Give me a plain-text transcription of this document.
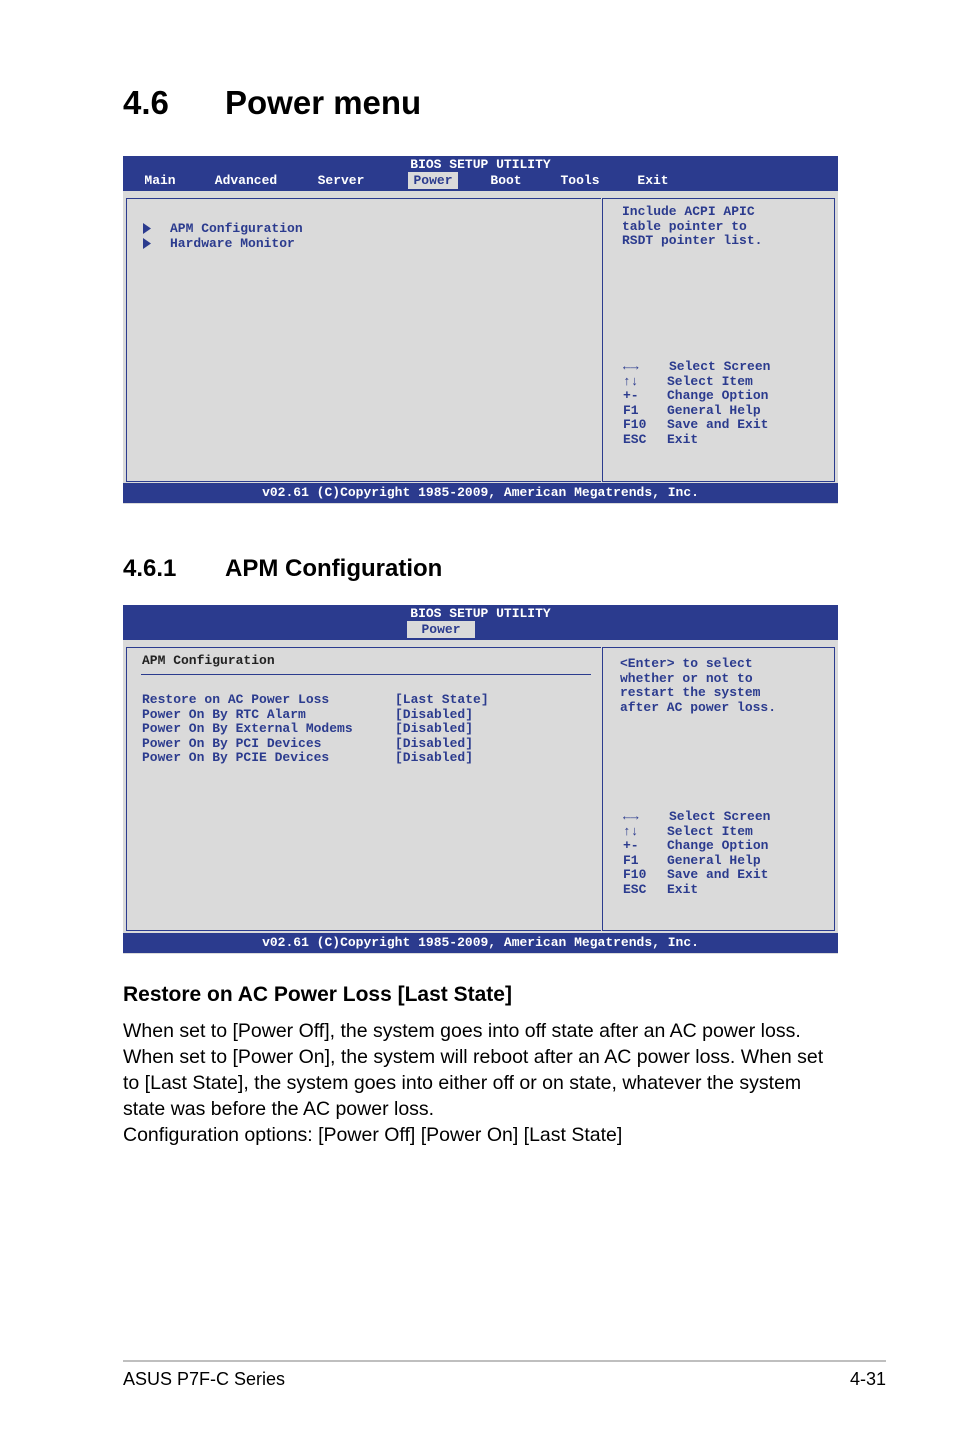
4.6 Power menu
BIOS SETUP UTILITY
Main	Advanced	Server	Power	Boot	Tools	Exit
APM Configuration
Hardware Monitor
Include ACPI APIC
table pointer to
RSDT pointer list.
←→ Select Screen
↑↓ Select Item
+- Change Option
F1 General Help
F10 Save and Exit
ESC Exit
v02.61 (C)Copyright 1985-2009, American Megatrends, Inc.
4.6.1 APM Configuration
BIOS SETUP UTILITY
Power
APM Configuration
Restore on AC Power Loss	[Last State]
Power On By RTC Alarm	[Disabled]
Power On By External Modems	[Disabled]
Power On By PCI Devices	[Disabled]
Power On By PCIE Devices	[Disabled]
<Enter> to select
whether or not to
restart the system
after AC power loss.
←→ Select Screen
↑↓ Select Item
+- Change Option
F1 General Help
F10 Save and Exit
ESC Exit
v02.61 (C)Copyright 1985-2009, American Megatrends, Inc.
Restore on AC Power Loss [Last State]
When set to [Power Off], the system goes into off state after an AC power loss.
When set to [Power On], the system will reboot after an AC power loss. When set
to [Last State], the system goes into either off or on state, whatever the system
state was before the AC power loss.
Configuration options: [Power Off] [Power On] [Last State]
ASUS P7F-C Series	4-31
